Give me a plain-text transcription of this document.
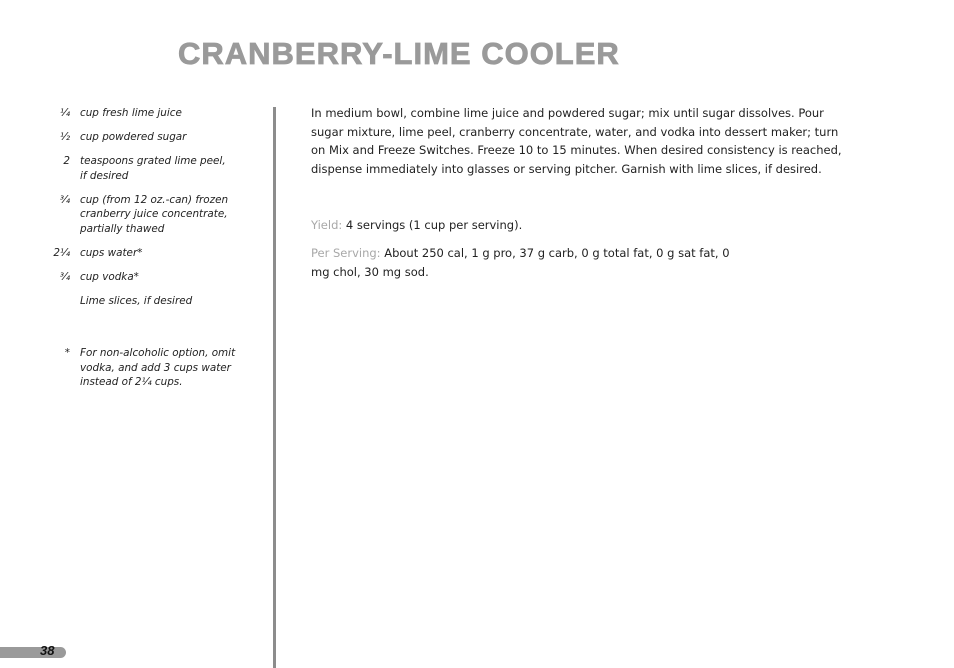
CRANBERRY-LIME COOLER
¹⁄₄ cup fresh lime juice
¹⁄₂ cup powdered sugar
2 teaspoons grated lime peel, if desired
³⁄₄ cup (from 12 oz.-can) frozen cranberry juice concentrate, partially thawed
2¹⁄₄ cups water*
³⁄₄ cup vodka*
Lime slices, if desired
* For non-alcoholic option, omit vodka, and add 3 cups water instead of 2¹⁄₄ cups.

In medium bowl, combine lime juice and powdered sugar; mix until sugar dissolves. Pour sugar mixture, lime peel, cranberry concentrate, water, and vodka into dessert maker; turn on Mix and Freeze Switches. Freeze 10 to 15 minutes. When desired consistency is reached, dispense immediately into glasses or serving pitcher. Garnish with lime slices, if desired.

Yield: 4 servings (1 cup per serving).

Per Serving: About 250 cal, 1 g pro, 37 g carb, 0 g total fat, 0 g sat fat, 0 mg chol, 30 mg sod.

38
